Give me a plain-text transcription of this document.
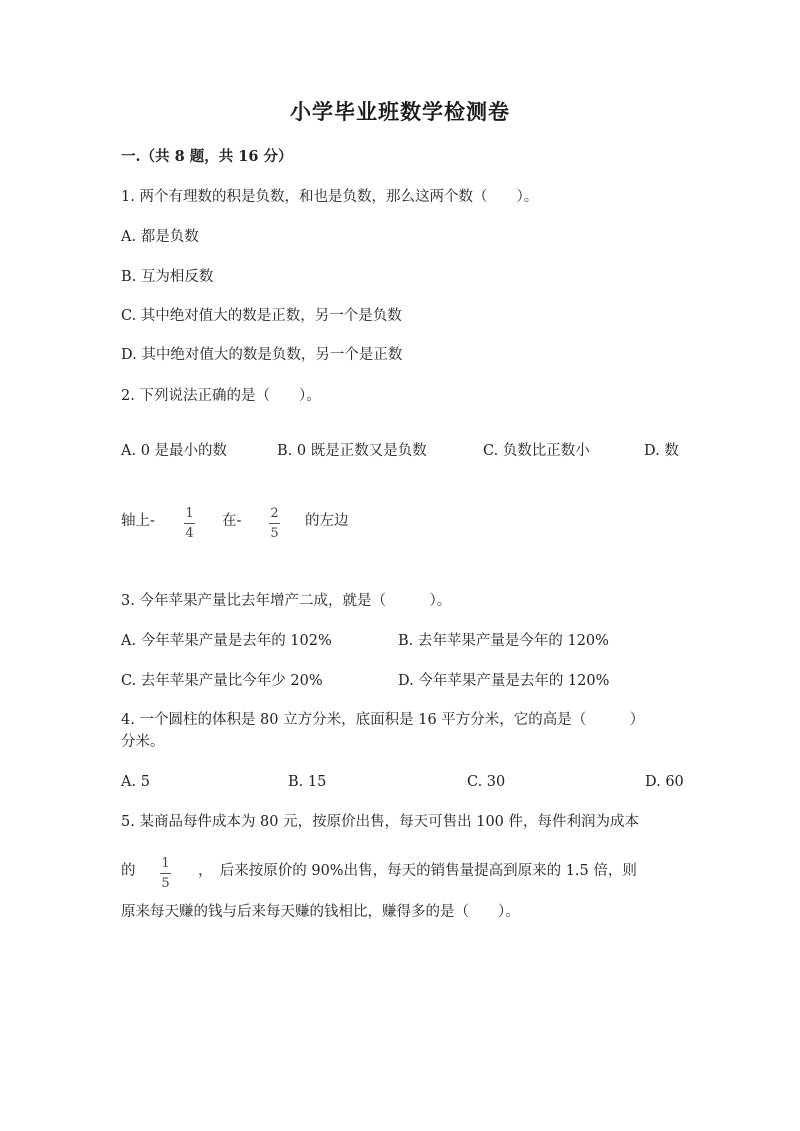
小学毕业班数学检测卷
一.（共 8 题，共 16 分）
1. 两个有理数的积是负数，和也是负数，那么这两个数（　　）。
A. 都是负数
B. 互为相反数
C. 其中绝对值大的数是正数，另一个是负数
D. 其中绝对值大的数是负数，另一个是正数
2. 下列说法正确的是（　　）。
A. 0 是最小的数	B. 0 既是正数又是负数	C. 负数比正数小	D. 数
轴上- 1
4
在- 2
5
的左边
3. 今年苹果产量比去年增产二成，就是（　　　）。
A. 今年苹果产量是去年的 102%	B. 去年苹果产量是今年的 120%
C. 去年苹果产量比今年少 20%	D. 今年苹果产量是去年的 120%
4. 一个圆柱的体积是 80 立方分米，底面积是 16 平方分米，它的高是（　　　）
分米。
A. 5	B. 15	C. 30	D. 60
5. 某商品每件成本为 80 元，按原价出售，每天可售出 100 件，每件利润为成本
的 1
5
，　后来按原价的 90%出售，每天的销售量提高到原来的 1.5 倍，则
原来每天赚的钱与后来每天赚的钱相比，赚得多的是（　　）。
